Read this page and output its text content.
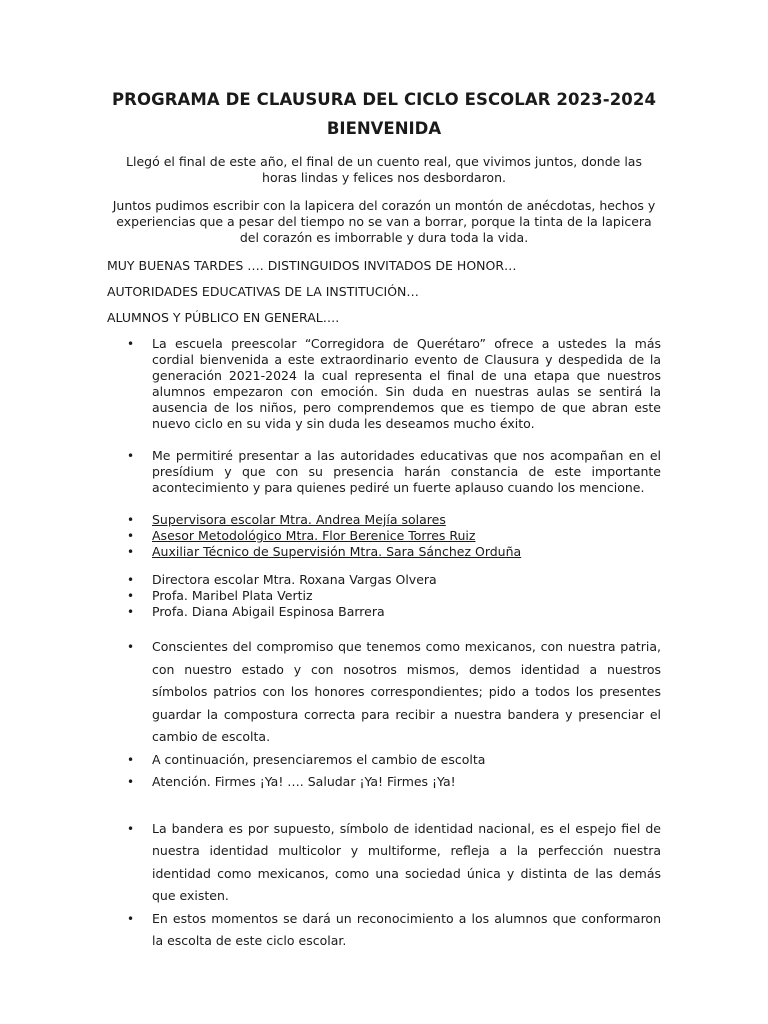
PROGRAMA DE CLAUSURA DEL CICLO ESCOLAR 2023-2024
BIENVENIDA

Llegó el final de este año, el final de un cuento real, que vivimos juntos, donde las horas lindas y felices nos desbordaron.

Juntos pudimos escribir con la lapicera del corazón un montón de anécdotas, hechos y experiencias que a pesar del tiempo no se van a borrar, porque la tinta de la lapicera del corazón es imborrable y dura toda la vida.

MUY BUENAS TARDES …. DISTINGUIDOS INVITADOS DE HONOR…

AUTORIDADES EDUCATIVAS DE LA INSTITUCIÓN…

ALUMNOS Y PÚBLICO EN GENERAL….

• La escuela preescolar “Corregidora de Querétaro” ofrece a ustedes la más cordial bienvenida a este extraordinario evento de Clausura y despedida de la generación 2021-2024 la cual representa el final de una etapa que nuestros alumnos empezaron con emoción. Sin duda en nuestras aulas se sentirá la ausencia de los niños, pero comprendemos que es tiempo de que abran este nuevo ciclo en su vida y sin duda les deseamos mucho éxito.
• Me permitiré presentar a las autoridades educativas que nos acompañan en el presídium y que con su presencia harán constancia de este importante acontecimiento y para quienes pediré un fuerte aplauso cuando los mencione.
• Supervisora escolar Mtra. Andrea Mejía solares
• Asesor Metodológico Mtra. Flor Berenice Torres Ruiz
• Auxiliar Técnico de Supervisión Mtra. Sara Sánchez Orduña
• Directora escolar Mtra. Roxana Vargas Olvera
• Profa. Maribel Plata Vertiz
• Profa. Diana Abigail Espinosa Barrera
• Conscientes del compromiso que tenemos como mexicanos, con nuestra patria, con nuestro estado y con nosotros mismos, demos identidad a nuestros símbolos patrios con los honores correspondientes; pido a todos los presentes guardar la compostura correcta para recibir a nuestra bandera y presenciar el cambio de escolta.
• A continuación, presenciaremos el cambio de escolta
• Atención. Firmes ¡Ya! …. Saludar ¡Ya! Firmes ¡Ya!
• La bandera es por supuesto, símbolo de identidad nacional, es el espejo fiel de nuestra identidad multicolor y multiforme, refleja a la perfección nuestra identidad como mexicanos, como una sociedad única y distinta de las demás que existen.
• En estos momentos se dará un reconocimiento a los alumnos que conformaron la escolta de este ciclo escolar.
